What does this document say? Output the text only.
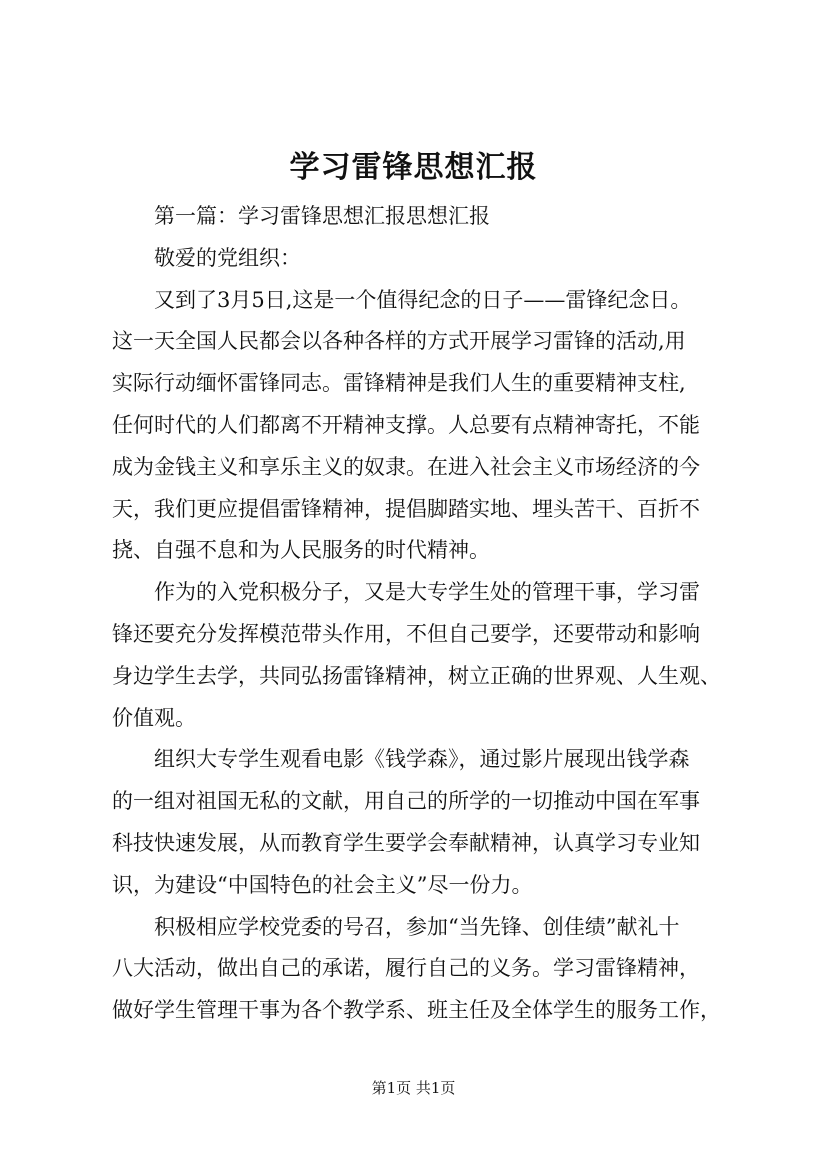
学习雷锋思想汇报
第一篇：学习雷锋思想汇报思想汇报
敬爱的党组织：
又到了3月5日,这是一个值得纪念的日子——雷锋纪念日。
这一天全国人民都会以各种各样的方式开展学习雷锋的活动,用
实际行动缅怀雷锋同志。雷锋精神是我们人生的重要精神支柱,
任何时代的人们都离不开精神支撑。人总要有点精神寄托，不能
成为金钱主义和享乐主义的奴隶。在进入社会主义市场经济的今
天，我们更应提倡雷锋精神，提倡脚踏实地、埋头苦干、百折不
挠、自强不息和为人民服务的时代精神。
作为的入党积极分子，又是大专学生处的管理干事，学习雷
锋还要充分发挥模范带头作用，不但自己要学，还要带动和影响
身边学生去学，共同弘扬雷锋精神，树立正确的世界观、人生观、
价值观。
组织大专学生观看电影《钱学森》，通过影片展现出钱学森
的一组对祖国无私的文献，用自己的所学的一切推动中国在军事
科技快速发展，从而教育学生要学会奉献精神，认真学习专业知
识，为建设“中国特色的社会主义”尽一份力。
积极相应学校党委的号召，参加“当先锋、创佳绩”献礼十
八大活动，做出自己的承诺，履行自己的义务。学习雷锋精神，
做好学生管理干事为各个教学系、班主任及全体学生的服务工作，
第1页 共1页
